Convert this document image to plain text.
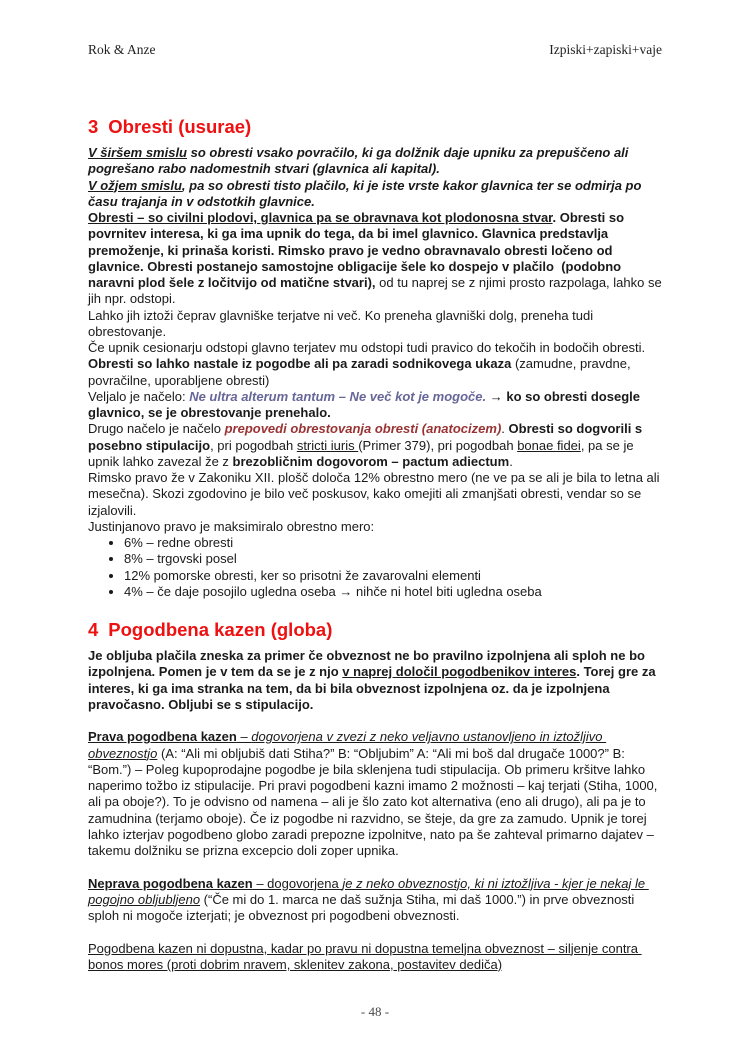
Rok & Anze	Izpiski+zapiski+vaje
3 Obresti (usurae)

V širšem smislu so obresti vsako povračilo, ki ga dolžnik daje upniku za prepuščeno ali pogrešano rabo nadomestnih stvari (glavnica ali kapital).

V ožjem smislu, pa so obresti tisto plačilo, ki je iste vrste kakor glavnica ter se odmirja po času trajanja in v odstotkih glavnice.

Obresti – so civilni plodovi, glavnica pa se obravnava kot plodonosna stvar. Obresti so povrnitev interesa, ki ga ima upnik do tega, da bi imel glavnico. Glavnica predstavlja premoženje, ki prinaša koristi. Rimsko pravo je vedno obravnavalo obresti ločeno od glavnice. Obresti postanejo samostojne obligacije šele ko dospejo v plačilo  (podobno naravni plod šele z ločitvijo od matične stvari), od tu naprej se z njimi prosto razpolaga, lahko se jih npr. odstopi.

Lahko jih iztoži čeprav glavniške terjatve ni več. Ko preneha glavniški dolg, preneha tudi obrestovanje.

Če upnik cesionarju odstopi glavno terjatev mu odstopi tudi pravico do tekočih in bodočih obresti.

Obresti so lahko nastale iz pogodbe ali pa zaradi sodnikovega ukaza (zamudne, pravdne, povračilne, uporabljene obresti)

Veljalo je načelo: Ne ultra alterum tantum – Ne več kot je mogoče. → ko so obresti dosegle glavnico, se je obrestovanje prenehalo.

Drugo načelo je načelo prepovedi obrestovanja obresti (anatocizem). Obresti so dogvorili s posebno stipulacijo, pri pogodbah stricti iuris (Primer 379), pri pogodbah bonae fidei, pa se je upnik lahko zavezal že z brezobličnim dogovorom – pactum adiectum.

Rimsko pravo že v Zakoniku XII. plošč določa 12% obrestno mero (ne ve pa se ali je bila to letna ali mesečna). Skozi zgodovino je bilo več poskusov, kako omejiti ali zmanjšati obresti, vendar so se izjalovili.

Justinjanovo pravo je maksimiralo obrestno mero:

• 6% – redne obresti
• 8% – trgovski posel
• 12% pomorske obresti, ker so prisotni že zavarovalni elementi
• 4% – če daje posojilo ugledna oseba → nihče ni hotel biti ugledna oseba
4 Pogodbena kazen (globa)

Je obljuba plačila zneska za primer če obveznost ne bo pravilno izpolnjena ali sploh ne bo izpolnjena. Pomen je v tem da se je z njo v naprej določil pogodbenikov interes. Torej gre za interes, ki ga ima stranka na tem, da bi bila obveznost izpolnjena oz. da je izpolnjena pravočasno. Obljubi se s stipulacijo.

Prava pogodbena kazen – dogovorjena v zvezi z neko veljavno ustanovljeno in iztožljivo obveznostjo (A: “Ali mi obljubiš dati Stiha?” B: “Obljubim” A: “Ali mi boš dal drugače 1000?” B: “Bom.”) – Poleg kupoprodajne pogodbe je bila sklenjena tudi stipulacija. Ob primeru kršitve lahko naperimo tožbo iz stipulacije. Pri pravi pogodbeni kazni imamo 2 možnosti – kaj terjati (Stiha, 1000, ali pa oboje?). To je odvisno od namena – ali je šlo zato kot alternativa (eno ali drugo), ali pa je to zamudnina (terjamo oboje). Če iz pogodbe ni razvidno, se šteje, da gre za zamudo. Upnik je torej lahko izterjav pogodbeno globo zaradi prepozne izpolnitve, nato pa še zahteval primarno dajatev – takemu dolžniku se prizna excepcio doli zoper upnika.

Neprava pogodbena kazen – dogovorjena je z neko obveznostjo, ki ni iztožljiva - kjer je nekaj le pogojno obljubljeno (“Če mi do 1. marca ne daš sužnja Stiha, mi daš 1000.”) in prve obveznosti sploh ni mogoče izterjati; je obveznost pri pogodbeni obveznosti.

Pogodbena kazen ni dopustna, kadar po pravu ni dopustna temeljna obveznost – siljenje contra bonos mores (proti dobrim nravem, sklenitev zakona, postavitev dediča)

- 48 -
